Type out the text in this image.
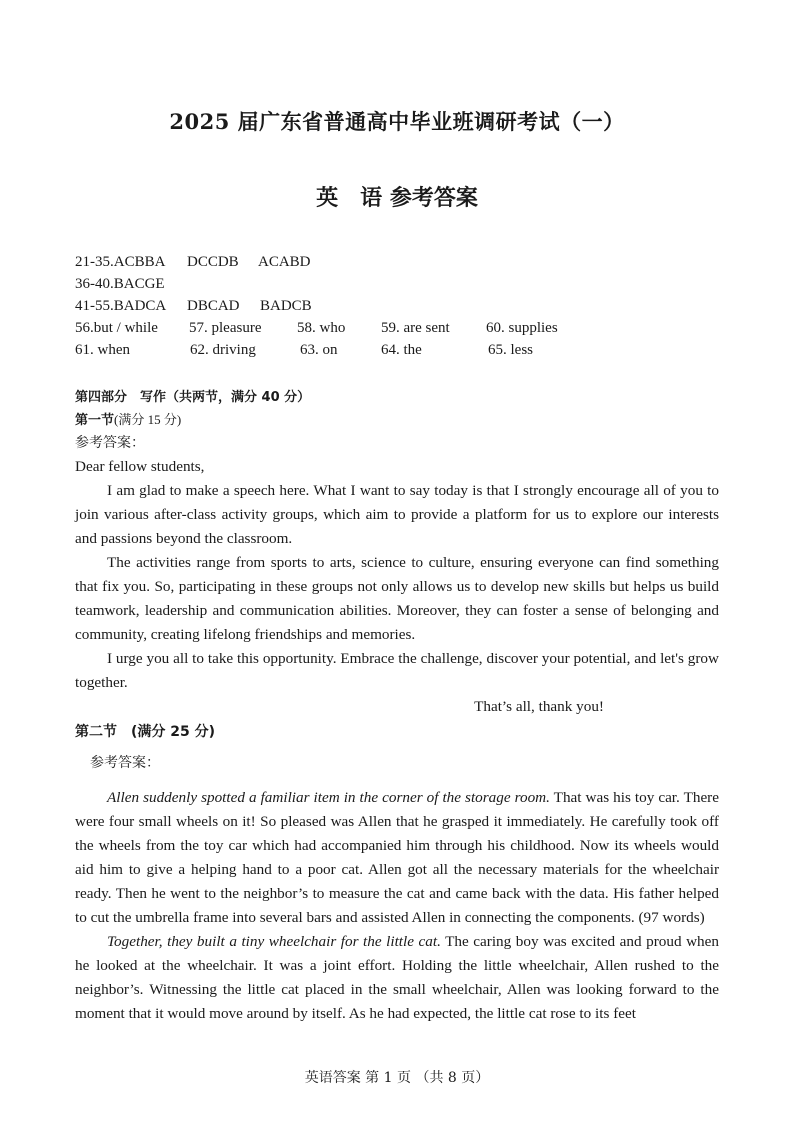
2025 届广东省普通高中毕业班调研考试（一）
英　语 参考答案
21-35.ACBBA DCCDB ACABD
36-40.BACGE
41-55.BADCA DBCAD BADCB
56.but / while 57. pleasure 58. who 59. are sent 60. supplies
61. when	62. driving	63. on	64. the	65. less
第四部分　写作（共两节，满分 40 分）
第一节(满分 15 分)
参考答案：

Dear fellow students,

I am glad to make a speech here. What I want to say today is that I strongly encourage all of you to join various after-class activity groups, which aim to provide a platform for us to explore our interests and passions beyond the classroom.

The activities range from sports to arts, science to culture, ensuring everyone can find something that fix you. So, participating in these groups not only allows us to develop new skills but helps us build teamwork, leadership and communication abilities. Moreover, they can foster a sense of belonging and community, creating lifelong friendships and memories.

I urge you all to take this opportunity. Embrace the challenge, discover your potential, and let's grow together.

That’s all, thank you!

第二节　(满分 25 分)
参考答案：

Allen suddenly spotted a familiar item in the corner of the storage room. That was his toy car. There were four small wheels on it! So pleased was Allen that he grasped it immediately. He carefully took off the wheels from the toy car which had accompanied him through his childhood. Now its wheels would aid him to give a helping hand to a poor cat. Allen got all the necessary materials for the wheelchair ready. Then he went to the neighbor’s to measure the cat and came back with the data. His father helped to cut the umbrella frame into several bars and assisted Allen in connecting the components. (97 words)

Together, they built a tiny wheelchair for the little cat. The caring boy was excited and proud when he looked at the wheelchair. It was a joint effort. Holding the little wheelchair, Allen rushed to the neighbor’s. Witnessing the little cat placed in the small wheelchair, Allen was looking forward to the moment that it would move around by itself. As he had expected, the little cat rose to its feet

英语答案 第 1 页 （共 8 页）
